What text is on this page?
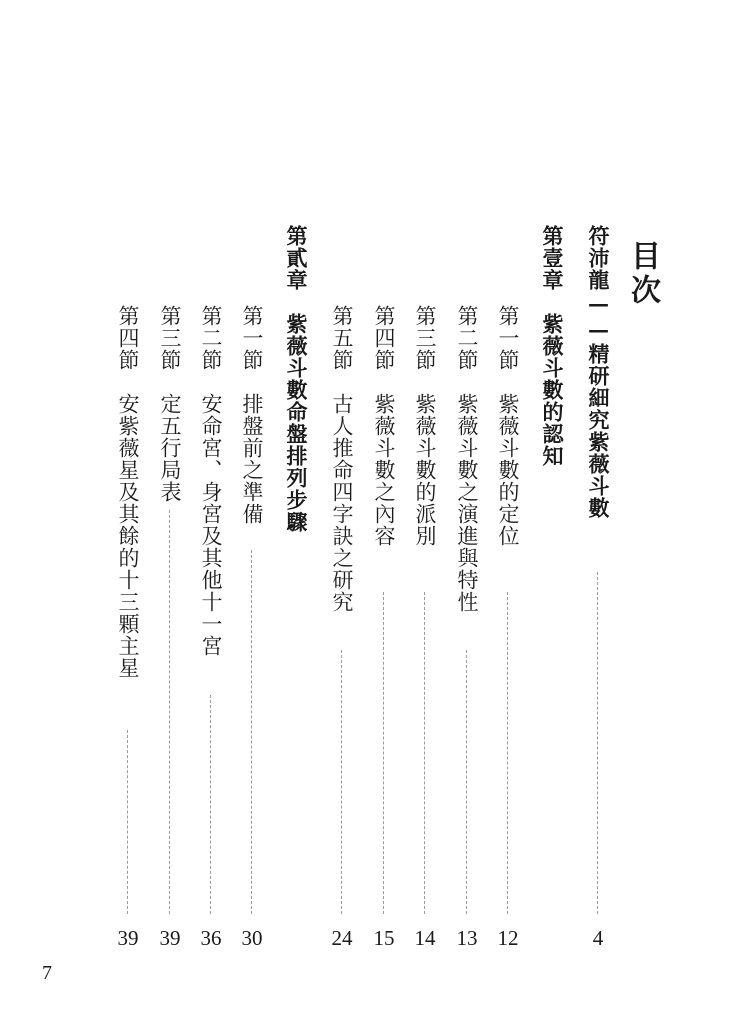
目次
符沛龍——精研細究紫薇斗數
4
第壹章　紫薇斗數的認知
第一節　紫薇斗數的定位
12
第二節　紫薇斗數之演進與特性
13
第三節　紫薇斗數的派別
14
第四節　紫薇斗數之內容
15
第五節　古人推命四字訣之研究
24
第貳章　紫薇斗數命盤排列步驟
第一節　排盤前之準備
30
第二節　安命宮、身宮及其他十一宮
36
第三節　定五行局表
39
第四節　安紫薇星及其餘的十三顆主星
39
7
